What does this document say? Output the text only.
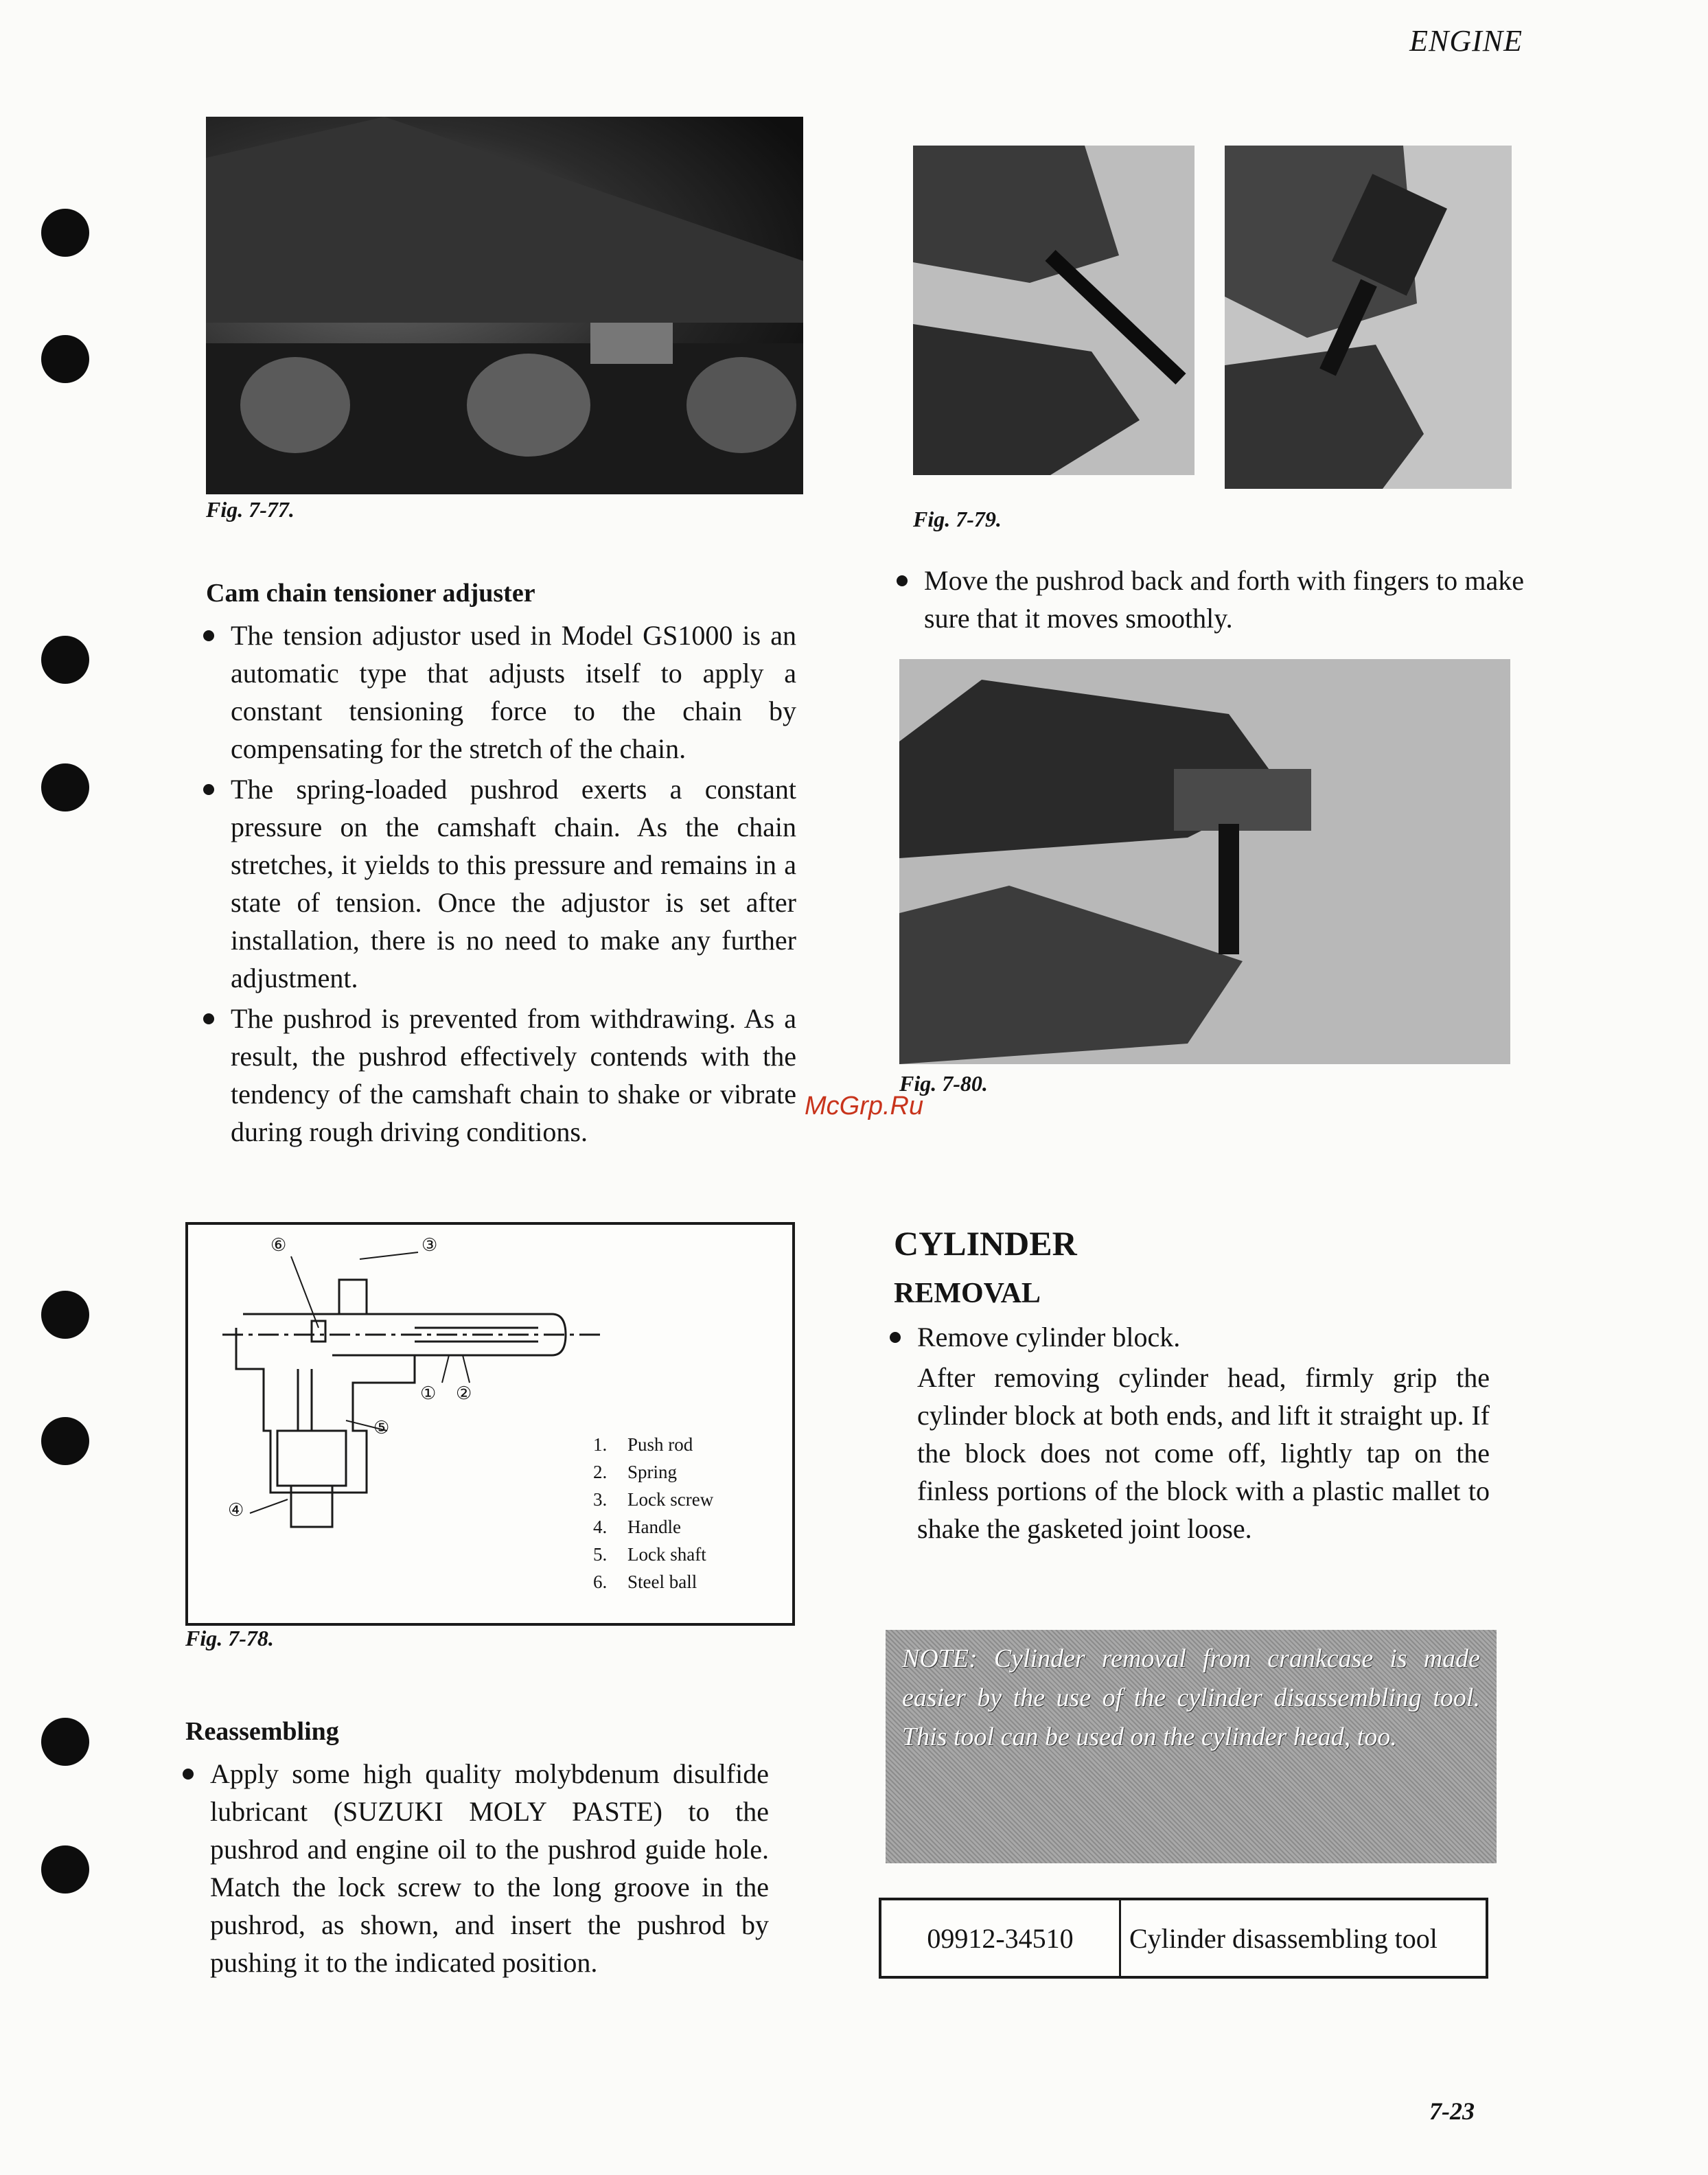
ENGINE
Fig. 7-77.
Cam chain tensioner adjuster
The tension adjustor used in Model GS1000 is an automatic type that adjusts itself to apply a constant tensioning force to the chain by compensating for the stretch of the chain.
The spring-loaded pushrod exerts a constant pressure on the camshaft chain. As the chain stretches, it yields to this pressure and remains in a state of tension. Once the adjustor is set after installation, there is no need to make any further adjustment.
The pushrod is prevented from withdrawing. As a result, the pushrod effectively contends with the tendency of the camshaft chain to shake or vibrate during rough driving conditions.
⑥	③
① ②
⑤
④
1. Push rod
2. Spring
3. Lock screw
4. Handle
5. Lock shaft
6. Steel ball
Fig. 7-78.
Reassembling
Apply some high quality molybdenum disulfide lubricant (SUZUKI MOLY PASTE) to the pushrod and engine oil to the pushrod guide hole. Match the lock screw to the long groove in the pushrod, as shown, and insert the pushrod by pushing it to the indicated position.
Fig. 7-79.
Move the pushrod back and forth with fingers to make sure that it moves smoothly.
Fig. 7-80.
McGrp.Ru
CYLINDER
REMOVAL
Remove cylinder block.
After removing cylinder head, firmly grip the cylinder block at both ends, and lift it straight up. If the block does not come off, lightly tap on the finless portions of the block with a plastic mallet to shake the gasketed joint loose.
NOTE: Cylinder removal from crankcase is made easier by the use of the cylinder disassembling tool. This tool can be used on the cylinder head, too.
09912-34510	Cylinder disassembling tool
7-23
